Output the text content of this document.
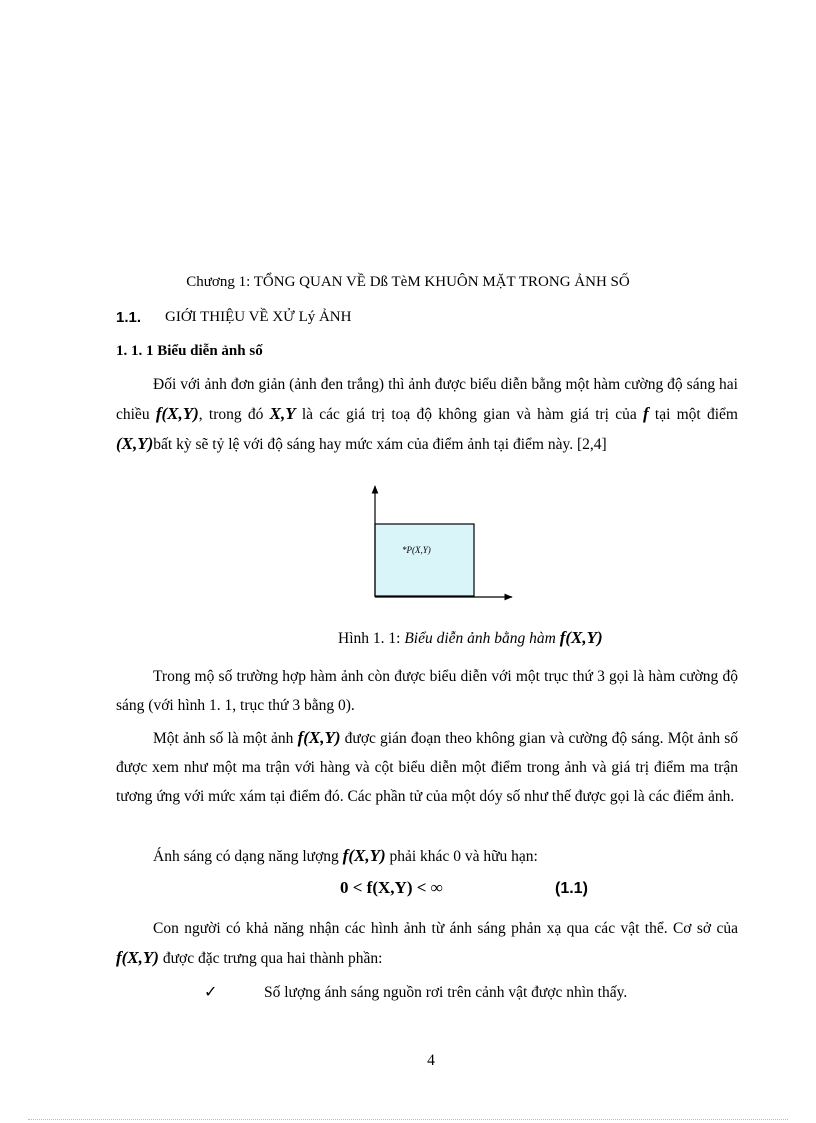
Chương 1: TỔNG QUAN VỀ Dß TèM KHUÔN MẶT TRONG ẢNH SỐ
1.1. GIỚI THIỆU VỀ XỬ Lý ẢNH
1. 1. 1 Biểu diễn ảnh số
Đối với ảnh đơn giản (ảnh đen trắng) thì ảnh được biểu diễn bằng một hàm cường độ sáng hai chiều f(X,Y), trong đó X,Y là các giá trị toạ độ không gian và hàm giá trị của f tại một điểm (X,Y)bất kỳ sẽ tỷ lệ với độ sáng hay mức xám của điểm ảnh tại điểm này. [2,4]
*P(X,Y)
Hình 1. 1: Biểu diễn ảnh bằng hàm f(X,Y)
Trong mộ số trường hợp hàm ảnh còn được biểu diễn với một trục thứ 3 gọi là hàm cường độ sáng (với hình 1. 1, trục thứ 3 bằng 0).
Một ảnh số là một ảnh f(X,Y) được gián đoạn theo không gian và cường độ sáng. Một ảnh số được xem như một ma trận với hàng và cột biểu diễn một điểm trong ảnh và giá trị điểm ma trận tương ứng với mức xám tại điểm đó. Các phần tử của một dóy số như thế được gọi là các điểm ảnh.
Ánh sáng có dạng năng lượng f(X,Y) phải khác 0 và hữu hạn:
0 < f(X,Y) < ∞	(1.1)
Con người có khả năng nhận các hình ảnh từ ánh sáng phản xạ qua các vật thể. Cơ sở của f(X,Y) được đặc trưng qua hai thành phần:
✓	Số lượng ánh sáng nguồn rơi trên cảnh vật được nhìn thấy.
4
